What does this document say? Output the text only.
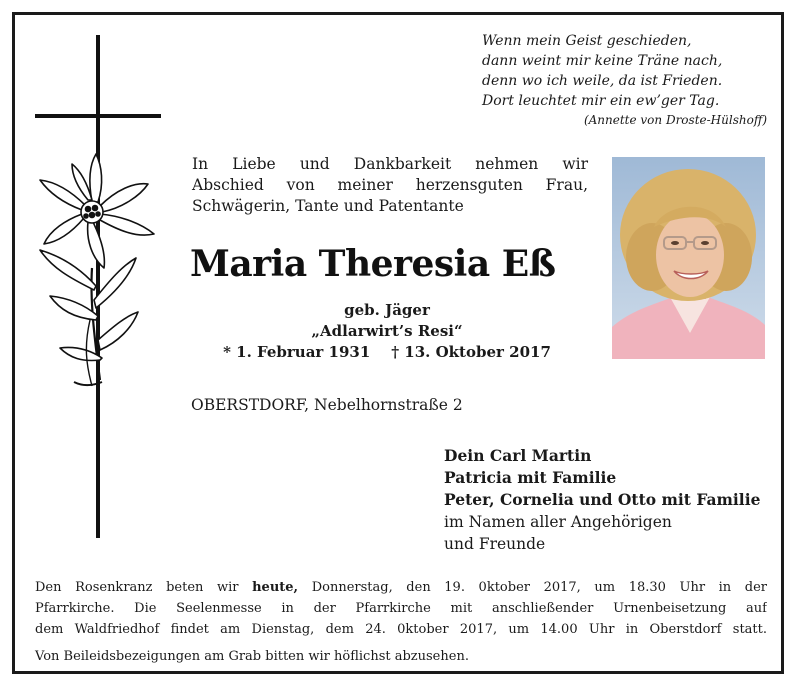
Wenn mein Geist geschieden,
dann weint mir keine Träne nach,
denn wo ich weile, da ist Frieden.
Dort leuchtet mir ein ew’ger Tag.
(Annette von Droste-Hülshoff)
In Liebe und Dankbarkeit nehmen wir
Abschied von meiner herzensguten Frau,
Schwägerin, Tante und Patentante
Maria Theresia Eß
geb. Jäger
„Adlarwirt’s Resi“
* 1. Februar 1931 † 13. Oktober 2017
OBERSTDORF, Nebelhornstraße 2
Dein Carl Martin
Patricia mit Familie
Peter, Cornelia und Otto mit Familie
im Namen aller Angehörigen
und Freunde
Den Rosenkranz beten wir heute, Donnerstag, den 19. 0ktober 2017, um 18.30 Uhr in der
Pfarrkirche. Die Seelenmesse in der Pfarrkirche mit anschließender Urnenbeisetzung auf
dem Waldfriedhof findet am Dienstag, dem 24. 0ktober 2017, um 14.00 Uhr in Oberstdorf statt.
Von Beileidsbezeigungen am Grab bitten wir höflichst abzusehen.
